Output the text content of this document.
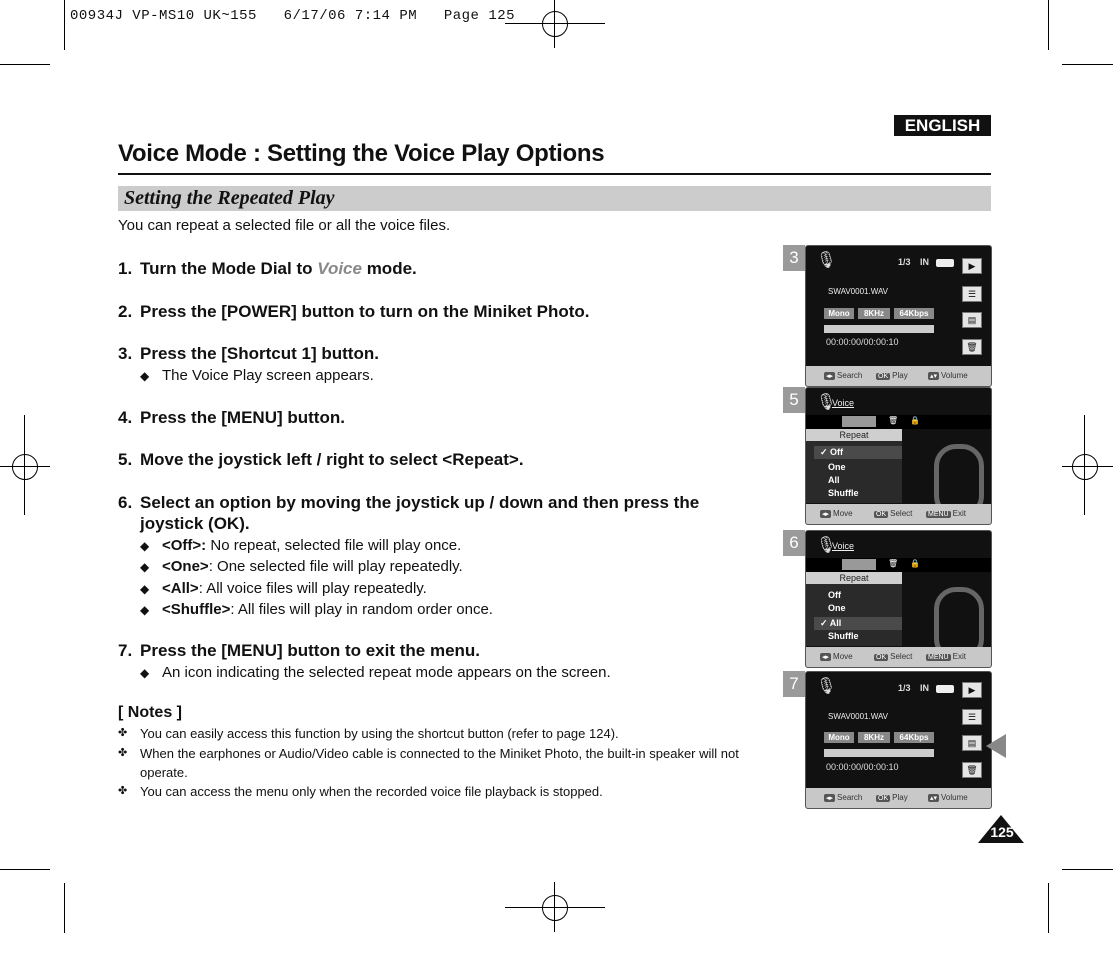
00934J VP-MS10 UK~155   6/17/06 7:14 PM   Page 125
ENGLISH
Voice Mode : Setting the Voice Play Options
Setting the Repeated Play
You can repeat a selected file or all the voice files.
1. Turn the Mode Dial to Voice mode.
2. Press the [POWER] button to turn on the Miniket Photo.
3. Press the [Shortcut 1] button.
◆ The Voice Play screen appears.
4. Press the [MENU] button.
5. Move the joystick left / right to select <Repeat>.
6. Select an option by moving the joystick up / down and then press the joystick (OK).
◆ <Off>: No repeat, selected file will play once.
◆ <One>: One selected file will play repeatedly.
◆ <All>: All voice files will play repeatedly.
◆ <Shuffle>: All files will play in random order once.
7. Press the [MENU] button to exit the menu.
◆ An icon indicating the selected repeat mode appears on the screen.
[ Notes ]
✤ You can easily access this function by using the shortcut button (refer to page 124).
✤ When the earphones or Audio/Video cable is connected to the Miniket Photo, the built-in speaker will not operate.
✤ You can access the menu only when the recorded voice file playback is stopped.
3	🎙	1/3 IN	▶
☰
▤
🗑
SWAV0001.WAV
Mono	8KHz	64Kbps
00:00:00/00:00:10
◂▸ Search OK Play	▴▾ Volume
5	🎙
Voice
🗑 🔒
Repeat
✓ Off
One
All
Shuffle
◂▸ Move	OK Select MENU Exit
6	🎙
Voice
🗑 🔒
Repeat
Off
One
✓ All
Shuffle
◂▸ Move	OK Select MENU Exit
7	🎙	1/3 IN	▶
☰
▤
🗑
SWAV0001.WAV
Mono	8KHz	64Kbps
00:00:00/00:00:10
◂▸ Search OK Play	▴▾ Volume
125
